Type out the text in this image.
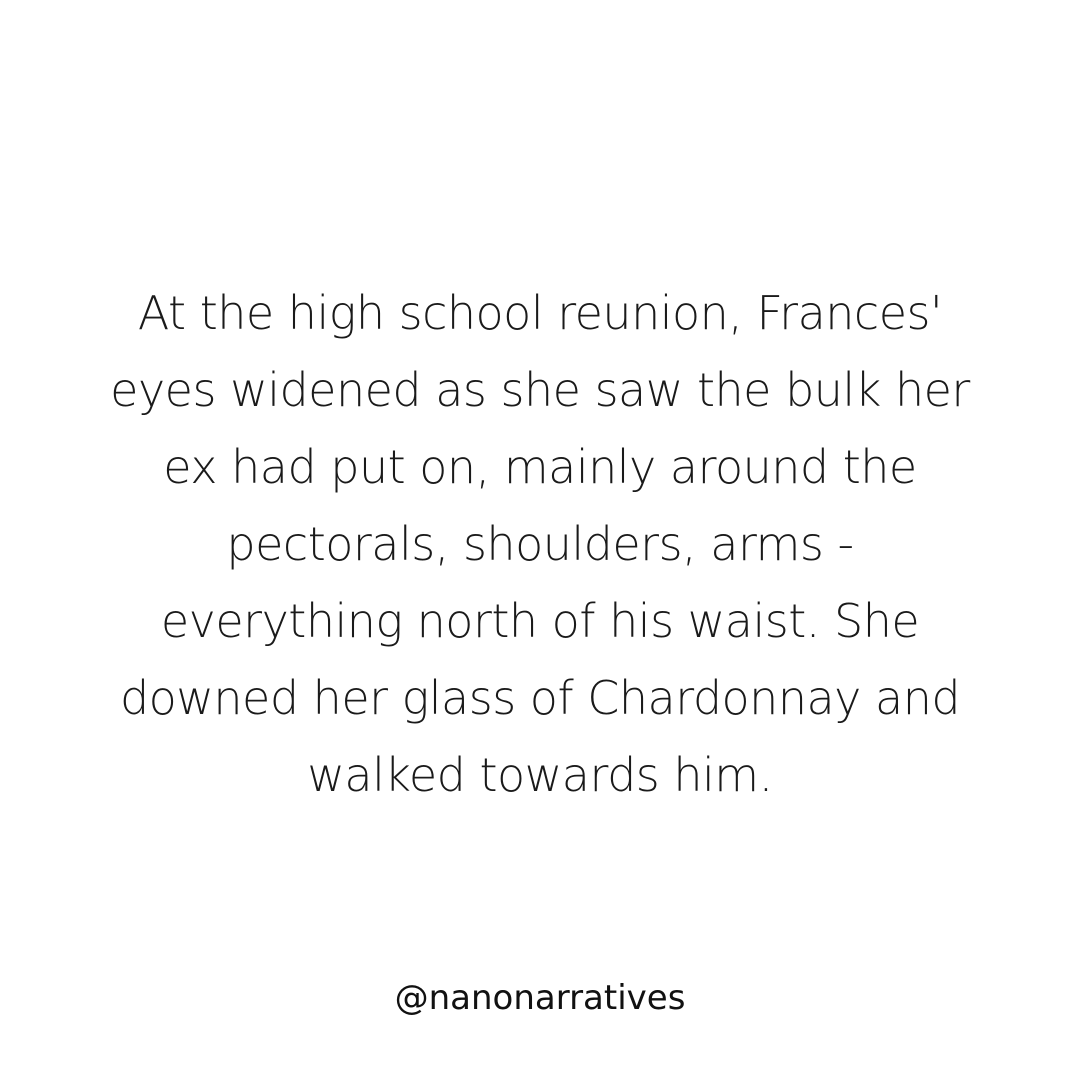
At the high school reunion, Frances'
eyes widened as she saw the bulk her
ex had put on, mainly around the
pectorals, shoulders, arms -
everything north of his waist. She
downed her glass of Chardonnay and
walked towards him.

@nanonarratives
